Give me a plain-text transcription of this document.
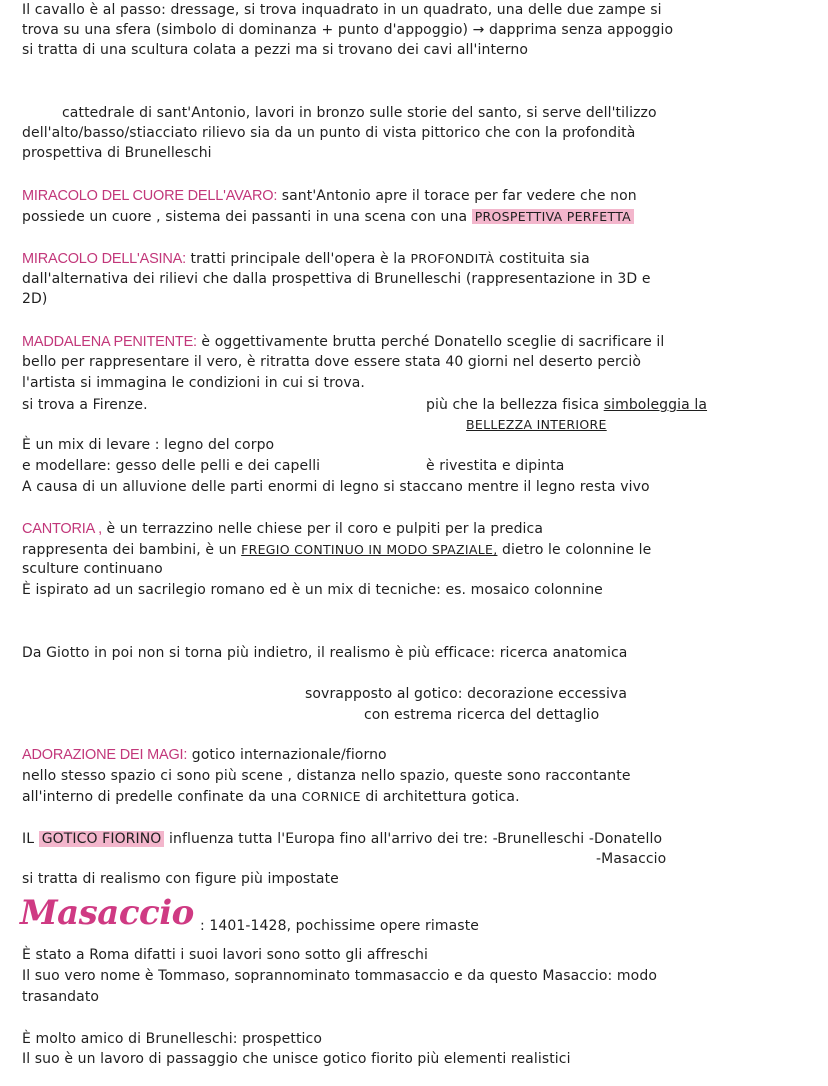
Il cavallo è al passo: dressage, si trova inquadrato in un quadrato, una delle due zampe si
trova su una sfera (simbolo di dominanza + punto d'appoggio) → dapprima senza appoggio
si tratta di una scultura colata a pezzi ma si trovano dei cavi all'interno
cattedrale di sant'Antonio, lavori in bronzo sulle storie del santo, si serve dell'tilizzo
dell'alto/basso/stiacciato rilievo sia da un punto di vista pittorico che con la profondità
prospettiva di Brunelleschi
MIRACOLO DEL CUORE DELL'AVARO: sant'Antonio apre il torace per far vedere che non
possiede un cuore , sistema dei passanti in una scena con una PROSPETTIVA PERFETTA
MIRACOLO DELL'ASINA: tratti principale dell'opera è la PROFONDITÀ costituita sia
dall'alternativa dei rilievi che dalla prospettiva di Brunelleschi (rappresentazione in 3D e
2D)
MADDALENA PENITENTE: è oggettivamente brutta perché Donatello sceglie di sacrificare il
bello per rappresentare il vero, è ritratta dove essere stata 40 giorni nel deserto perciò
l'artista si immagina le condizioni in cui si trova.
si trova a Firenze.	più che la bellezza fisica simboleggia la
BELLEZZA INTERIORE
È un mix di levare : legno del corpo
e modellare: gesso delle pelli e dei capelli	è rivestita e dipinta
A causa di un alluvione delle parti enormi di legno si staccano mentre il legno resta vivo
CANTORIA , è un terrazzino nelle chiese per il coro e pulpiti per la predica
rappresenta dei bambini, è un FREGIO CONTINUO IN MODO SPAZIALE, dietro le colonnine le
sculture continuano
È ispirato ad un sacrilegio romano ed è un mix di tecniche: es. mosaico colonnine
Da Giotto in poi non si torna più indietro, il realismo è più efficace: ricerca anatomica
sovrapposto al gotico: decorazione eccessiva
con estrema ricerca del dettaglio
ADORAZIONE DEI MAGI: gotico internazionale/fiorno
nello stesso spazio ci sono più scene , distanza nello spazio, queste sono raccontante
all'interno di predelle confinate da una CORNICE di architettura gotica.
IL GOTICO FIORINO influenza tutta l'Europa fino all'arrivo dei tre: -Brunelleschi -Donatello
-Masaccio
si tratta di realismo con figure più impostate
Masaccio : 1401-1428, pochissime opere rimaste
È stato a Roma difatti i suoi lavori sono sotto gli affreschi
Il suo vero nome è Tommaso, soprannominato tommasaccio e da questo Masaccio: modo
trasandato
È molto amico di Brunelleschi: prospettico
Il suo è un lavoro di passaggio che unisce gotico fiorito più elementi realistici
